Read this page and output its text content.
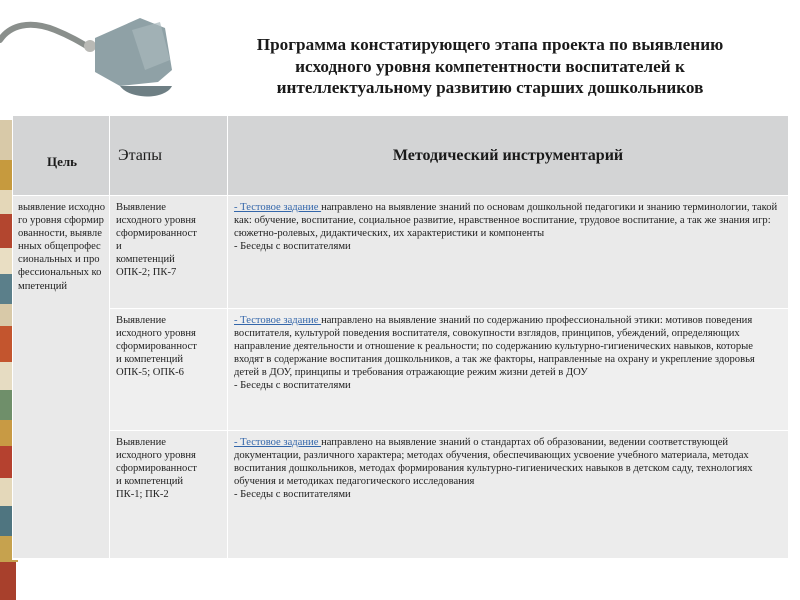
Программа констатирующего этапа проекта по выявлению
исходного уровня компетентности воспитателей к
интеллектуальному развитию старших дошкольников
Цель	Этапы	Методический инструментарий
выявление исходного уровня сформированности, выявленных общепрофессиональных и профессиональных компетенций
Выявление
исходного уровня
сформированност
и
компетенций
ОПК-2; ПК-7
- Тестовое задание направлено на выявление знаний по основам дошкольной педагогики и знанию терминологии, такой как: обучение, воспитание, социальное развитие, нравственное воспитание, трудовое воспитание, а так же знания игр: сюжетно-ролевых, дидактических, их характеристики и компоненты
- Беседы с воспитателями
Выявление
исходного уровня
сформированност
и компетенций
ОПК-5; ОПК-6
- Тестовое задание направлено на выявление знаний по содержанию профессиональной этики: мотивов поведения воспитателя, культурой поведения воспитателя, совокупности взглядов, принципов, убеждений, определяющих направление деятельности и отношение к реальности; по содержанию культурно-гигиенических навыков, которые входят в содержание воспитания дошкольников, а так же факторы, направленные на охрану и укрепление здоровья детей в ДОУ, принципы и требования отражающие режим жизни детей в ДОУ
- Беседы с воспитателями
Выявление
исходного уровня
сформированност
и компетенций
ПК-1; ПК-2
- Тестовое задание направлено на выявление знаний о стандартах об образовании, ведении соответствующей документации, различного характера; методах обучения, обеспечивающих усвоение учебного материала, методах воспитания дошкольников, методах формирования культурно-гигиенических навыков в детском саду, технологиях обучения и методиках педагогического исследования
- Беседы с воспитателями
